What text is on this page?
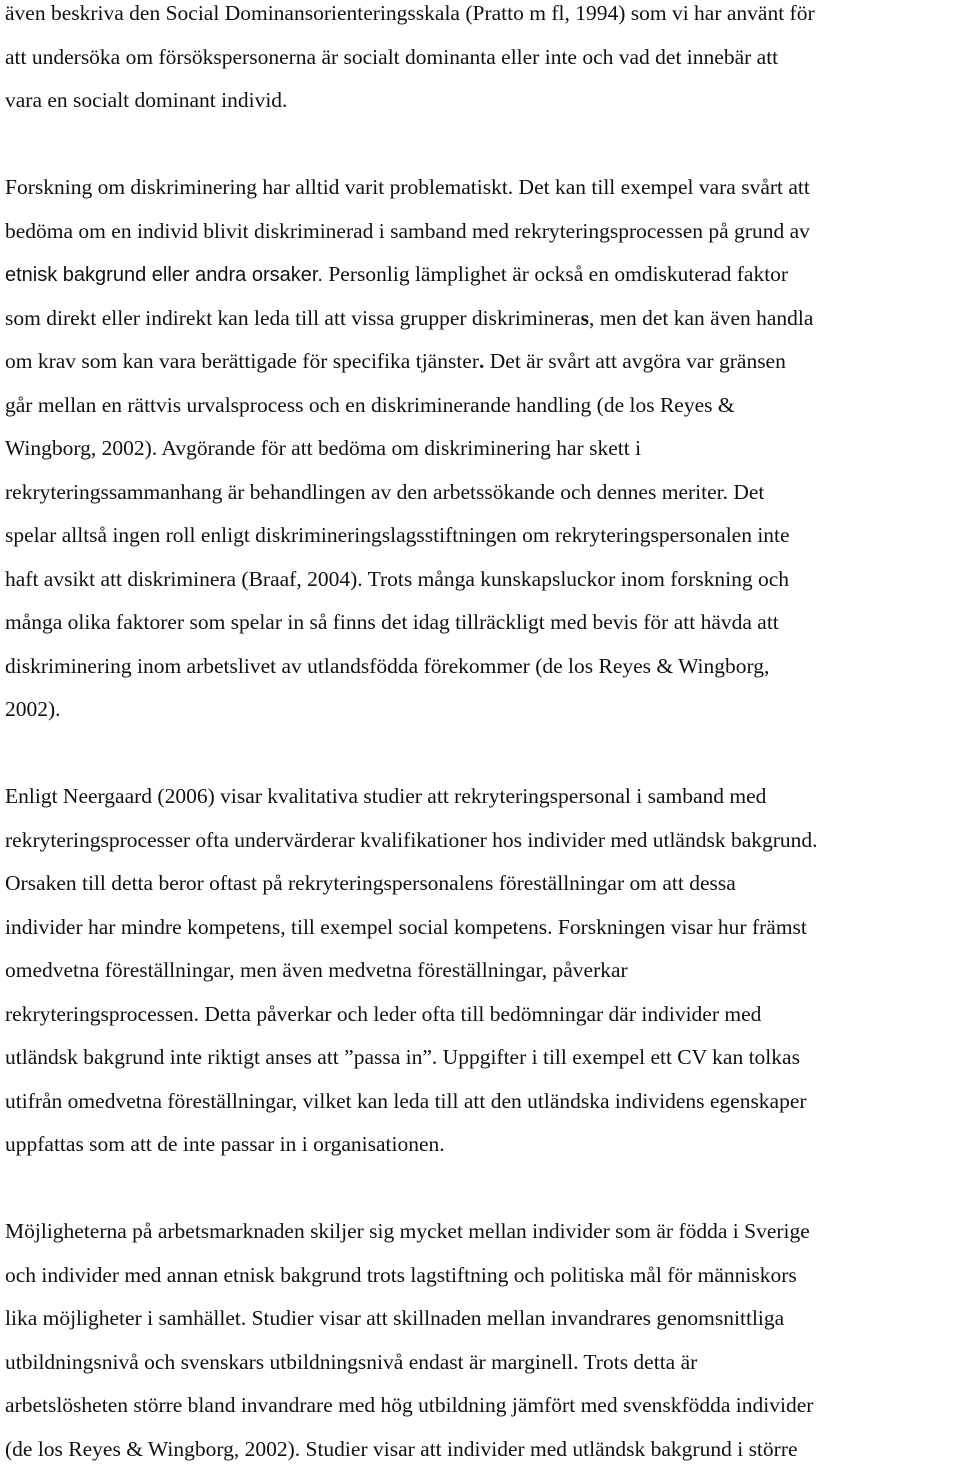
även beskriva den Social Dominansorienteringsskala (Pratto m fl, 1994) som vi har använt för
att undersöka om försökspersonerna är socialt dominanta eller inte och vad det innebär att
vara en socialt dominant individ.
Forskning om diskriminering har alltid varit problematiskt. Det kan till exempel vara svårt att
bedöma om en individ blivit diskriminerad i samband med rekryteringsprocessen på grund av
etnisk bakgrund eller andra orsaker. Personlig lämplighet är också en omdiskuterad faktor
som direkt eller indirekt kan leda till att vissa grupper diskrimineras, men det kan även handla
om krav som kan vara berättigade för specifika tjänster. Det är svårt att avgöra var gränsen
går mellan en rättvis urvalsprocess och en diskriminerande handling (de los Reyes &
Wingborg, 2002). Avgörande för att bedöma om diskriminering har skett i
rekryteringssammanhang är behandlingen av den arbetssökande och dennes meriter. Det
spelar alltså ingen roll enligt diskrimineringslagsstiftningen om rekryteringspersonalen inte
haft avsikt att diskriminera (Braaf, 2004). Trots många kunskapsluckor inom forskning och
många olika faktorer som spelar in så finns det idag tillräckligt med bevis för att hävda att
diskriminering inom arbetslivet av utlandsfödda förekommer (de los Reyes & Wingborg,
2002).
Enligt Neergaard (2006) visar kvalitativa studier att rekryteringspersonal i samband med
rekryteringsprocesser ofta undervärderar kvalifikationer hos individer med utländsk bakgrund.
Orsaken till detta beror oftast på rekryteringspersonalens föreställningar om att dessa
individer har mindre kompetens, till exempel social kompetens. Forskningen visar hur främst
omedvetna föreställningar, men även medvetna föreställningar, påverkar
rekryteringsprocessen. Detta påverkar och leder ofta till bedömningar där individer med
utländsk bakgrund inte riktigt anses att ”passa in”. Uppgifter i till exempel ett CV kan tolkas
utifrån omedvetna föreställningar, vilket kan leda till att den utländska individens egenskaper
uppfattas som att de inte passar in i organisationen.
Möjligheterna på arbetsmarknaden skiljer sig mycket mellan individer som är födda i Sverige
och individer med annan etnisk bakgrund trots lagstiftning och politiska mål för människors
lika möjligheter i samhället. Studier visar att skillnaden mellan invandrares genomsnittliga
utbildningsnivå och svenskars utbildningsnivå endast är marginell. Trots detta är
arbetslösheten större bland invandrare med hög utbildning jämfört med svenskfödda individer
(de los Reyes & Wingborg, 2002). Studier visar att individer med utländsk bakgrund i större
